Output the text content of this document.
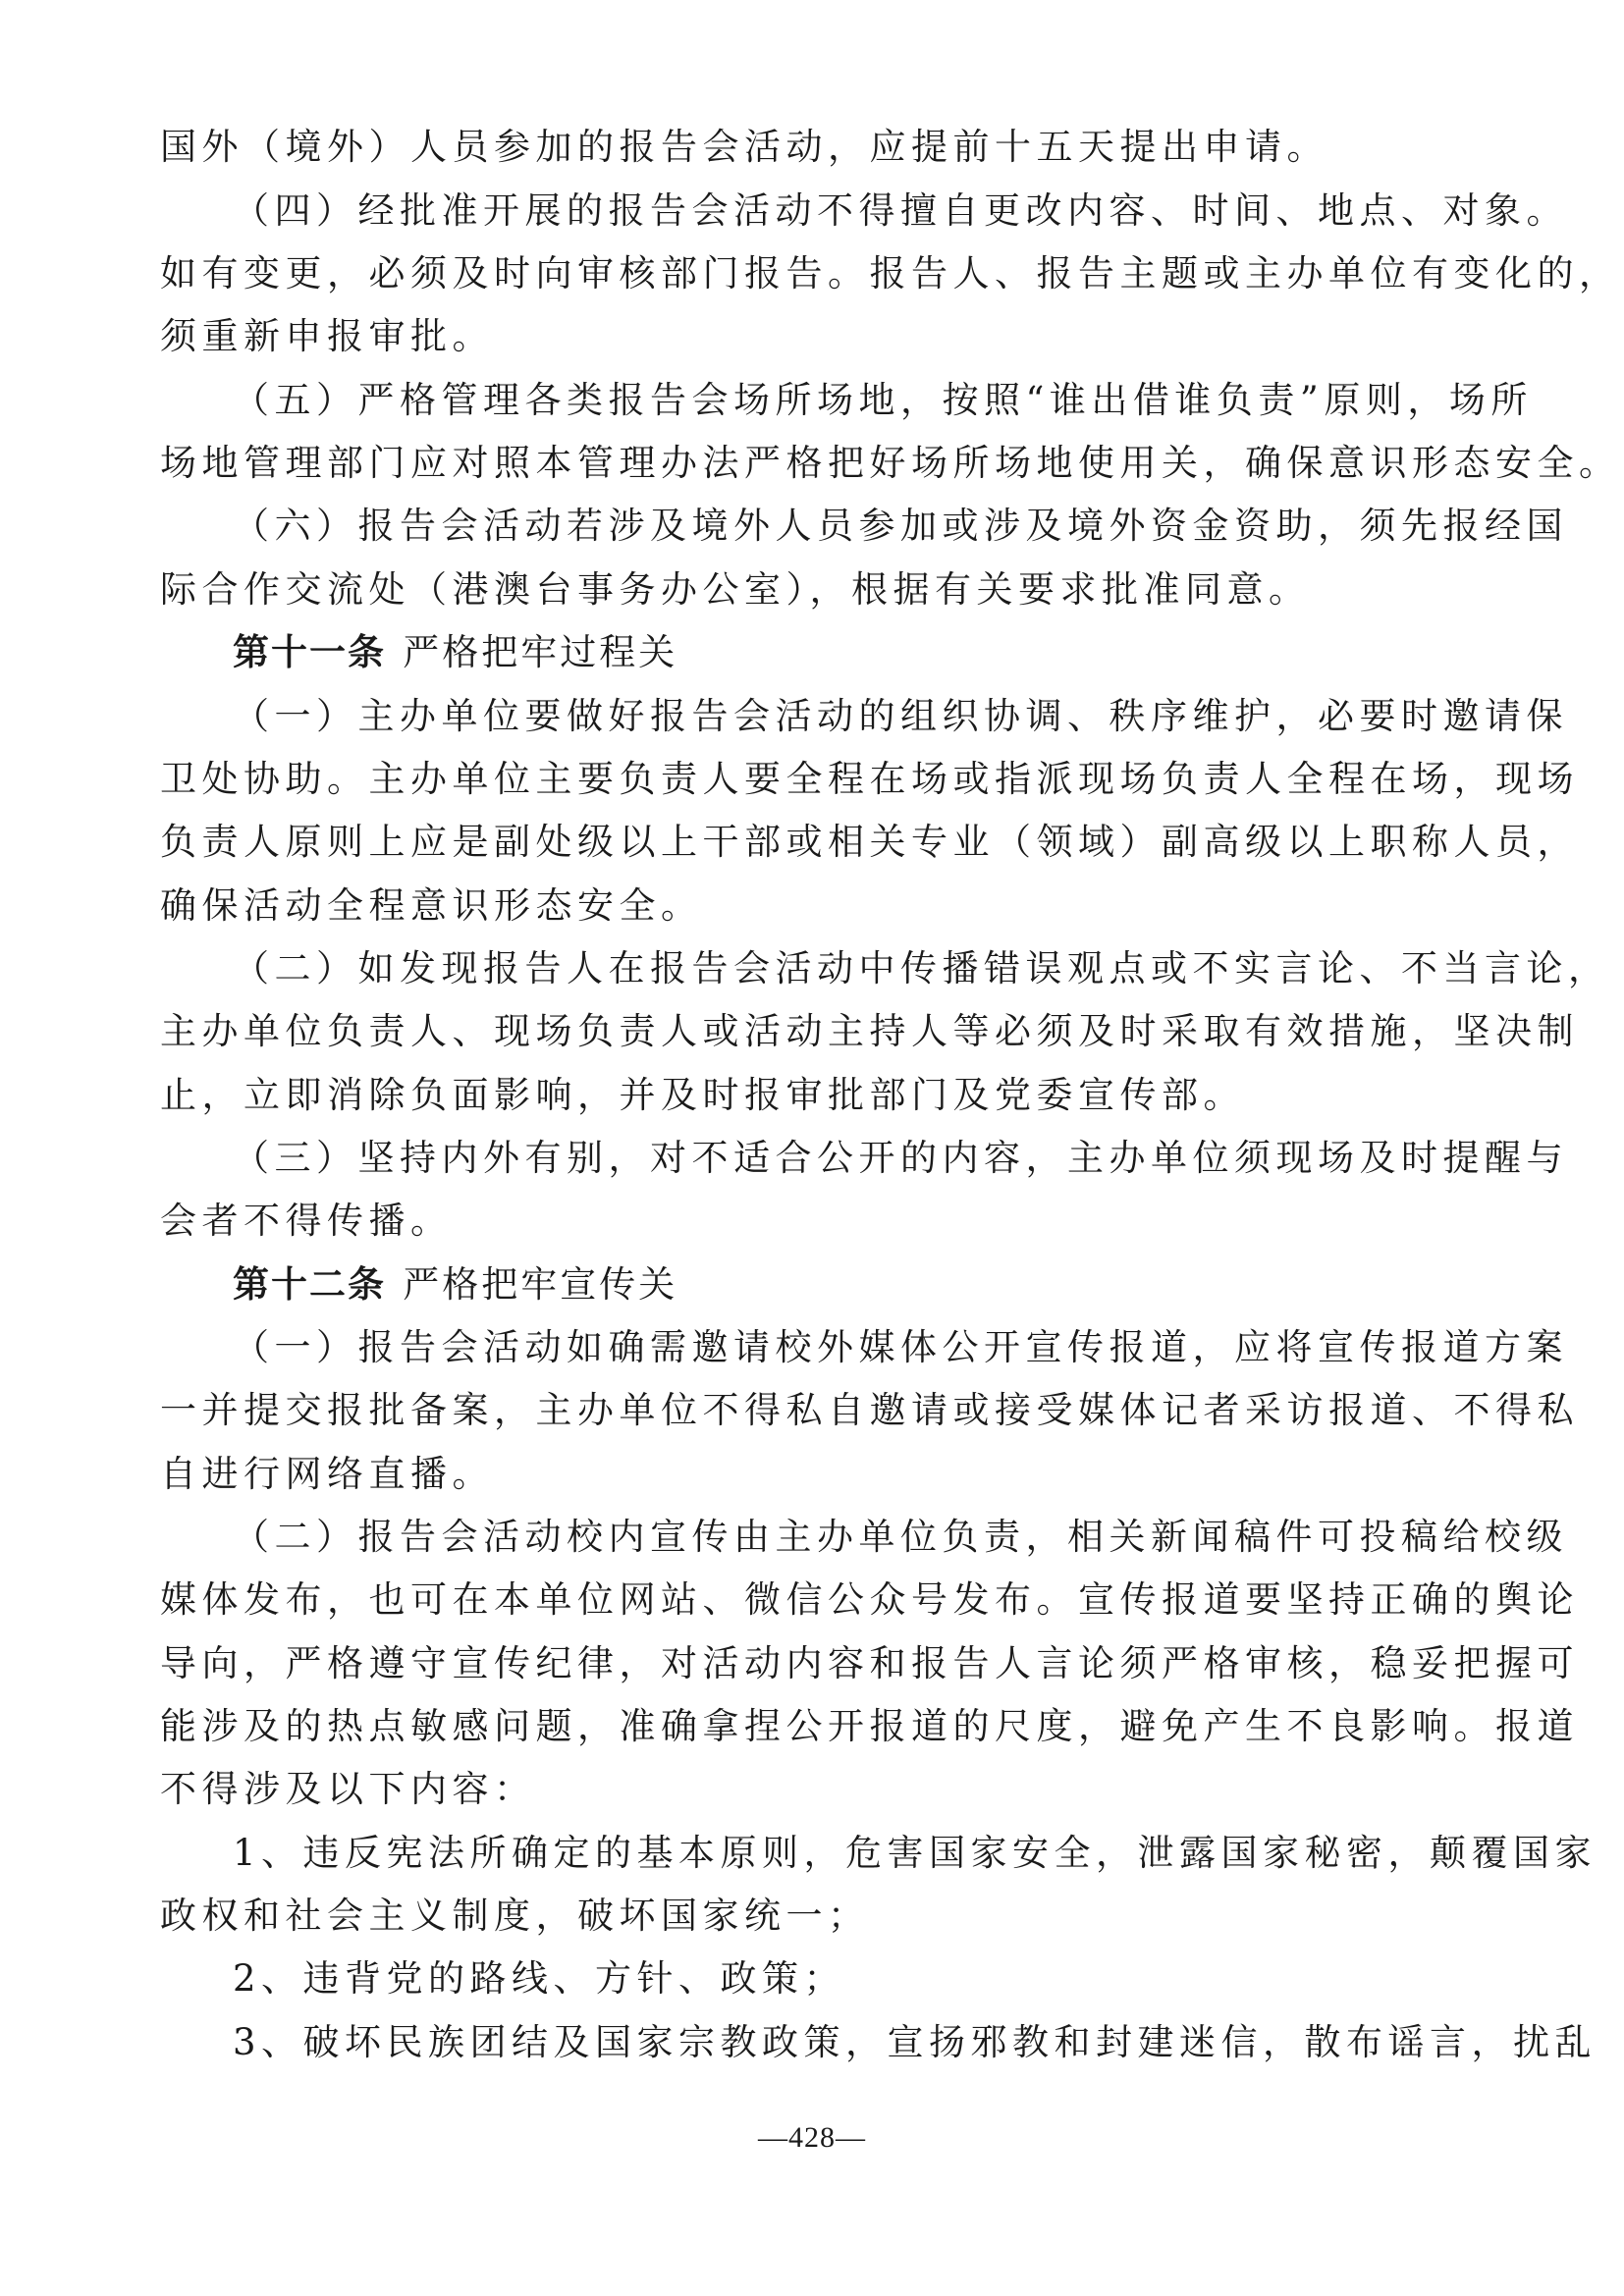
国外（境外）人员参加的报告会活动，应提前十五天提出申请。
（四）经批准开展的报告会活动不得擅自更改内容、时间、地点、对象。
如有变更，必须及时向审核部门报告。报告人、报告主题或主办单位有变化的，
须重新申报审批。
（五）严格管理各类报告会场所场地，按照“谁出借谁负责”原则，场所
场地管理部门应对照本管理办法严格把好场所场地使用关，确保意识形态安全。
（六）报告会活动若涉及境外人员参加或涉及境外资金资助，须先报经国
际合作交流处（港澳台事务办公室），根据有关要求批准同意。
第十一条 严格把牢过程关
（一）主办单位要做好报告会活动的组织协调、秩序维护，必要时邀请保
卫处协助。主办单位主要负责人要全程在场或指派现场负责人全程在场，现场
负责人原则上应是副处级以上干部或相关专业（领域）副高级以上职称人员，
确保活动全程意识形态安全。
（二）如发现报告人在报告会活动中传播错误观点或不实言论、不当言论，
主办单位负责人、现场负责人或活动主持人等必须及时采取有效措施，坚决制
止，立即消除负面影响，并及时报审批部门及党委宣传部。
（三）坚持内外有别，对不适合公开的内容，主办单位须现场及时提醒与
会者不得传播。
第十二条 严格把牢宣传关
（一）报告会活动如确需邀请校外媒体公开宣传报道，应将宣传报道方案
一并提交报批备案，主办单位不得私自邀请或接受媒体记者采访报道、不得私
自进行网络直播。
（二）报告会活动校内宣传由主办单位负责，相关新闻稿件可投稿给校级
媒体发布，也可在本单位网站、微信公众号发布。宣传报道要坚持正确的舆论
导向，严格遵守宣传纪律，对活动内容和报告人言论须严格审核，稳妥把握可
能涉及的热点敏感问题，准确拿捏公开报道的尺度，避免产生不良影响。报道
不得涉及以下内容：
1、违反宪法所确定的基本原则，危害国家安全，泄露国家秘密，颠覆国家
政权和社会主义制度，破坏国家统一；
2、违背党的路线、方针、政策；
3、破坏民族团结及国家宗教政策，宣扬邪教和封建迷信，散布谣言，扰乱
—428—
